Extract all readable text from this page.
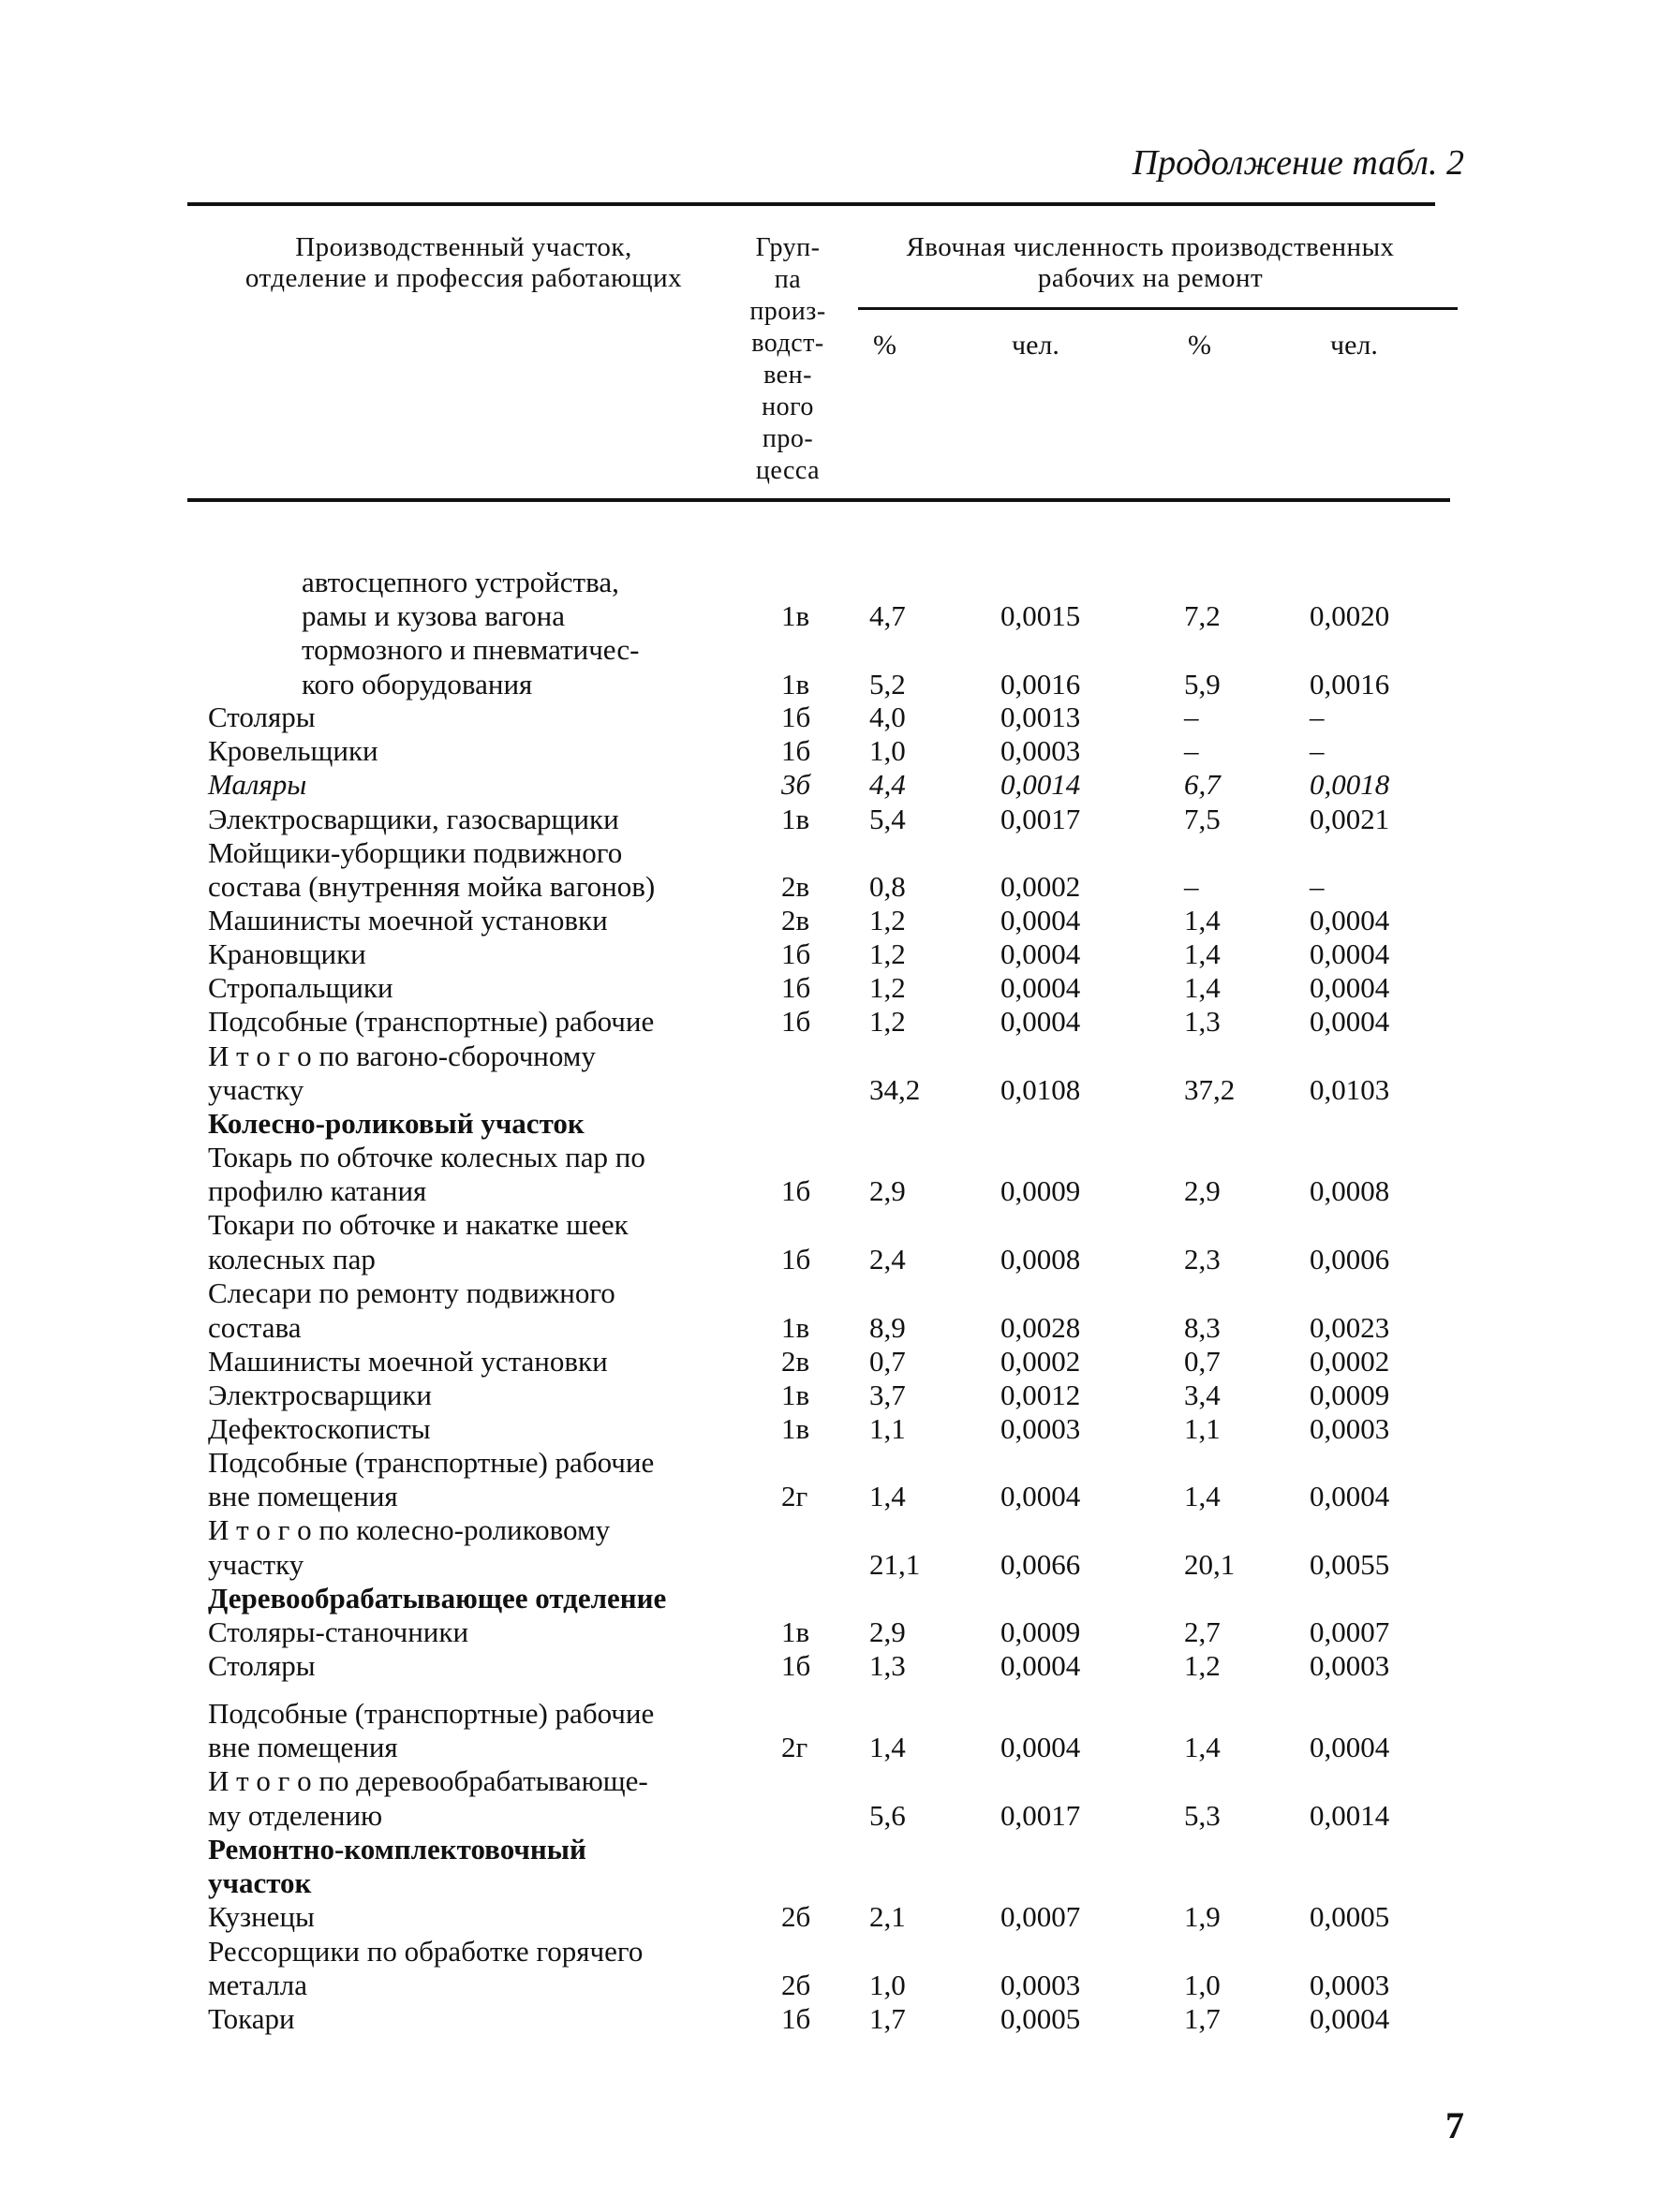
Продолжение табл. 2
Производственный участок,
отделение и профессия работающих
Груп-
па
произ-
водст-
вен-
ного
про-
цесса
Явочная численность производственных
рабочих на ремонт
%	чел.	%	чел.
автосцепного устройства,
рамы и кузова вагона	1в 4,7	0,0015	7,2	0,0020
тормозного и пневматичес-
кого оборудования	1в 5,2	0,0016	5,9	0,0016
Столяры	1б 4,0	0,0013	–	–
Кровельщики	1б 1,0	0,0003	–	–
Маляры	3б 4,4	0,0014	6,7	0,0018
Электросварщики, газосварщики	1в 5,4	0,0017	7,5	0,0021
Мойщики-уборщики подвижного
состава (внутренняя мойка вагонов)	2в 0,8	0,0002	–	–
Машинисты моечной установки	2в 1,2	0,0004	1,4	0,0004
Крановщики	1б 1,2	0,0004	1,4	0,0004
Стропальщики	1б 1,2	0,0004	1,4	0,0004
Подсобные (транспортные) рабочие	1б 1,2	0,0004	1,3	0,0004
И т о г о по вагоно-сборочному
участку	34,2	0,0108	37,2	0,0103
Колесно-роликовый участок
Токарь по обточке колесных пар по
профилю катания	1б 2,9	0,0009	2,9	0,0008
Токари по обточке и накатке шеек
колесных пар	1б 2,4	0,0008	2,3	0,0006
Слесари по ремонту подвижного
состава	1в 8,9	0,0028	8,3	0,0023
Машинисты моечной установки	2в 0,7	0,0002	0,7	0,0002
Электросварщики	1в 3,7	0,0012	3,4	0,0009
Дефектоскописты	1в 1,1	0,0003	1,1	0,0003
Подсобные (транспортные) рабочие
вне помещения	2г 1,4	0,0004	1,4	0,0004
И т о г о по колесно-роликовому
участку	21,1	0,0066	20,1	0,0055
Деревообрабатывающее отделение
Столяры-станочники	1в 2,9	0,0009	2,7	0,0007
Столяры	1б 1,3	0,0004	1,2	0,0003
Подсобные (транспортные) рабочие
вне помещения	2г 1,4	0,0004	1,4	0,0004
И т о г о по деревообрабатывающе-
му отделению	5,6	0,0017	5,3	0,0014
Ремонтно-комплектовочный
участок
Кузнецы	2б 2,1	0,0007	1,9	0,0005
Рессорщики по обработке горячего
металла	2б 1,0	0,0003	1,0	0,0003
Токари	1б 1,7	0,0005	1,7	0,0004
7
